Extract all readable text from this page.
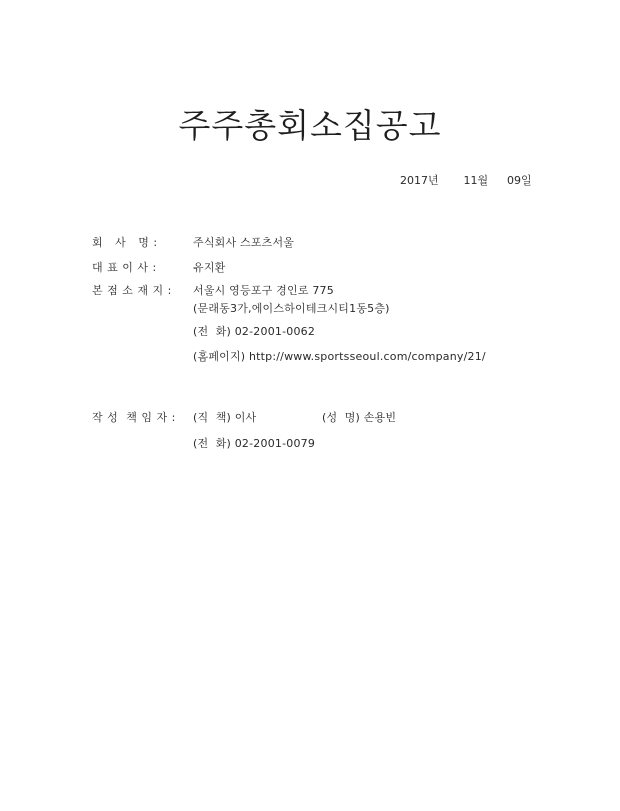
주주총회소집공고
2017년 11월 09일
회   사   명 :	주식회사 스포츠서울
대 표 이 사 :	유지환
본 점 소 재 지 : 서울시 영등포구 경인로 775
(문래동3가,에이스하이테크시티1동5층)
(전  화) 02-2001-0062
(홈페이지) http://www.sportsseoul.com/company/21/
작 성  책 임 자 : (직  책) 이사	(성  명) 손용빈
(전  화) 02-2001-0079
